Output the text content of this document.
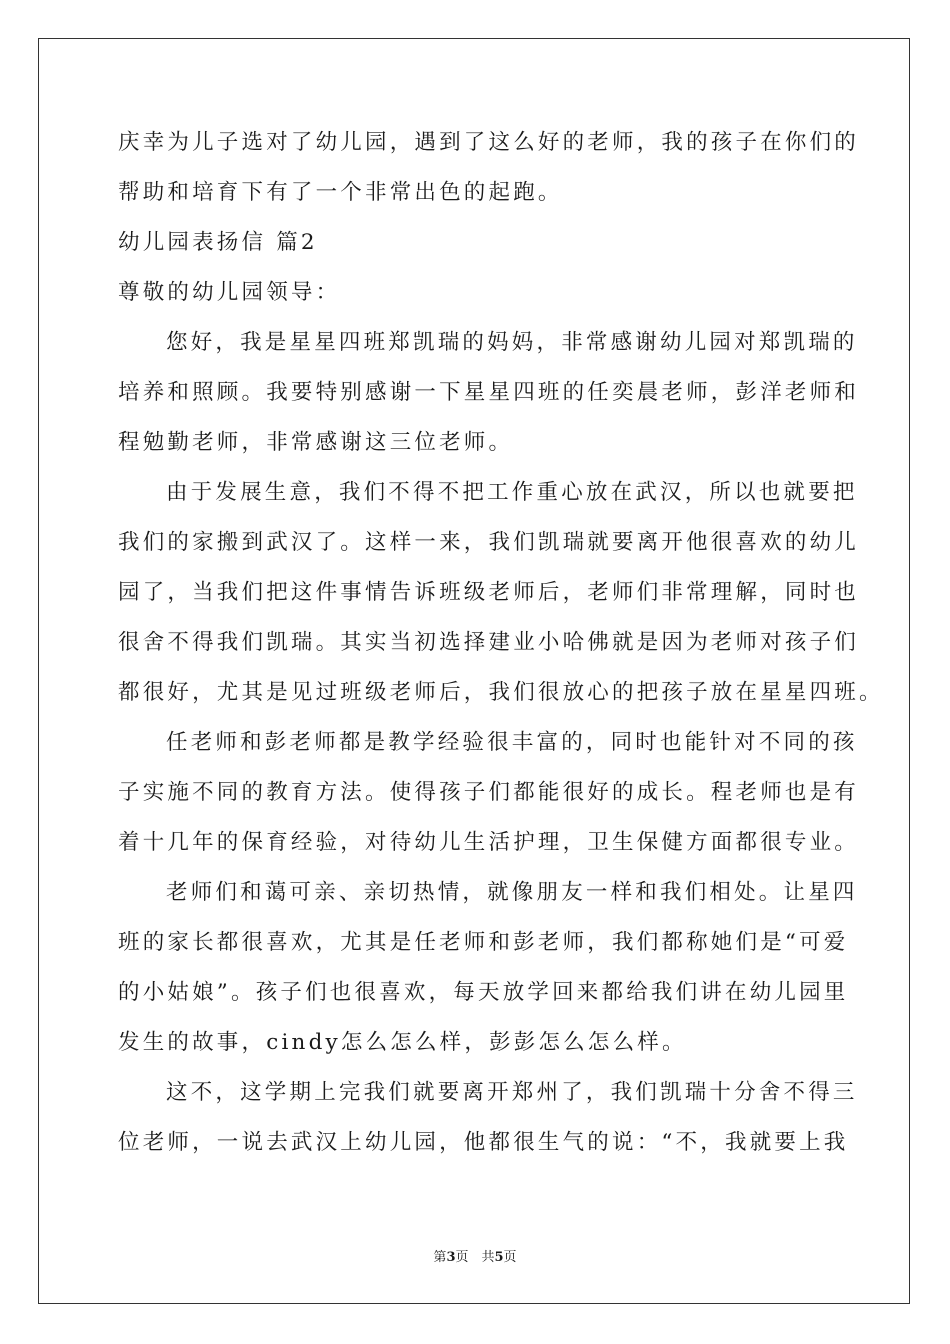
庆幸为儿子选对了幼儿园，遇到了这么好的老师，我的孩子在你们的
帮助和培育下有了一个非常出色的起跑。
幼儿园表扬信 篇2
尊敬的幼儿园领导：
您好，我是星星四班郑凯瑞的妈妈，非常感谢幼儿园对郑凯瑞的
培养和照顾。我要特别感谢一下星星四班的任奕晨老师，彭洋老师和
程勉勤老师，非常感谢这三位老师。
由于发展生意，我们不得不把工作重心放在武汉，所以也就要把
我们的家搬到武汉了。这样一来，我们凯瑞就要离开他很喜欢的幼儿
园了，当我们把这件事情告诉班级老师后，老师们非常理解，同时也
很舍不得我们凯瑞。其实当初选择建业小哈佛就是因为老师对孩子们
都很好，尤其是见过班级老师后，我们很放心的把孩子放在星星四班。
任老师和彭老师都是教学经验很丰富的，同时也能针对不同的孩
子实施不同的教育方法。使得孩子们都能很好的成长。程老师也是有
着十几年的保育经验，对待幼儿生活护理，卫生保健方面都很专业。
老师们和蔼可亲、亲切热情，就像朋友一样和我们相处。让星四
班的家长都很喜欢，尤其是任老师和彭老师，我们都称她们是“可爱
的小姑娘”。孩子们也很喜欢，每天放学回来都给我们讲在幼儿园里
发生的故事，cindy怎么怎么样，彭彭怎么怎么样。
这不，这学期上完我们就要离开郑州了，我们凯瑞十分舍不得三
位老师，一说去武汉上幼儿园，他都很生气的说：“不，我就要上我
第3页　共5页
